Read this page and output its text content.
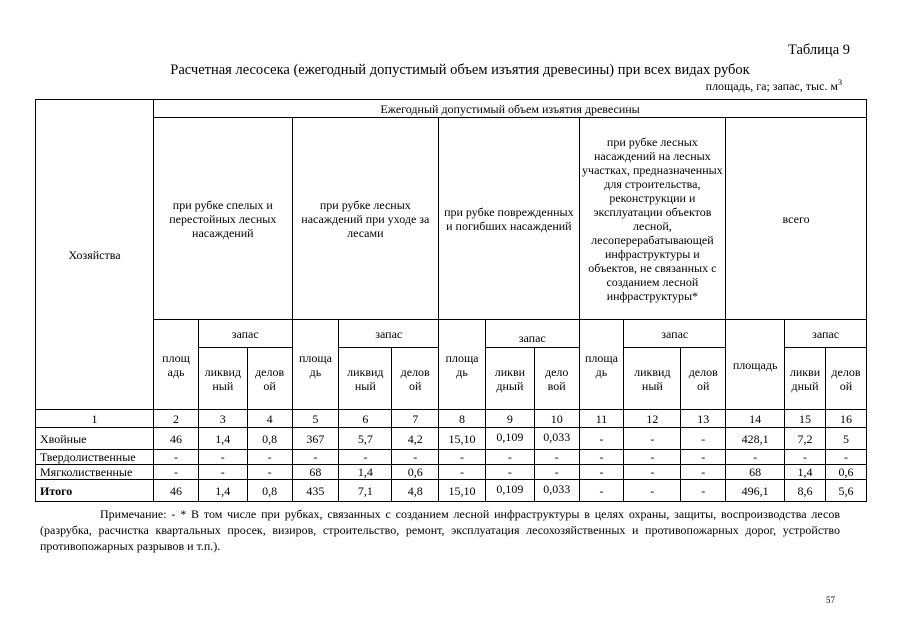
Таблица 9
Расчетная лесосека (ежегодный допустимый объем изъятия древесины) при всех видах рубок
площадь, га; запас, тыс. $м^3$
Хозяйства	Ежегодный допустимый объем изъятия древесины														
	при рубке спелых и перестойных лесных насаждений			при рубке лесных насаждений при уходе за лесами			при рубке поврежденных и погибших насаждений			при рубке лесных насаждений на лесных участках, предназначенных для строительства, реконструкции и эксплуатации объектов лесной, лесоперерабатывающей инфраструктуры и объектов, не связанных с созданием лесной инфраструктуры*			всего		
	площ адь	запас		площа дь	запас		площа дь	запас		площа дь	запас		площадь	запас	
		ликвид ный	делов ой		ликвид ный	делов ой		ликви дный	дело вой		ликвид ный	делов ой		ликви дный	делов ой
1	2	3	4	5	6	7	8	9	10	11	12	13	14	15	16
Хвойные	46	1,4	0,8	367	5,7	4,2	15,10	0,109	0,033	-	-	-	428,1	7,2	5
Твердолиственные	-	-	-	-	-	-	-	-	-	-	-	-	-	-	-
Мягколиственные	-	-	-	68	1,4	0,6	-	-	-	-	-	-	68	1,4	0,6
Итого	46	1,4	0,8	435	7,1	4,8	15,10	0,109	0,033	-	-	-	496,1	8,6	5,6
Примечание: - * В том числе при рубках, связанных с созданием лесной инфраструктуры в целях охраны, защиты, воспроизводства лесов (разрубка, расчистка квартальных просек, визиров, строительство, ремонт, эксплуатация лесохозяйственных и противопожарных дорог, устройство противопожарных разрывов и т.п.).
57
